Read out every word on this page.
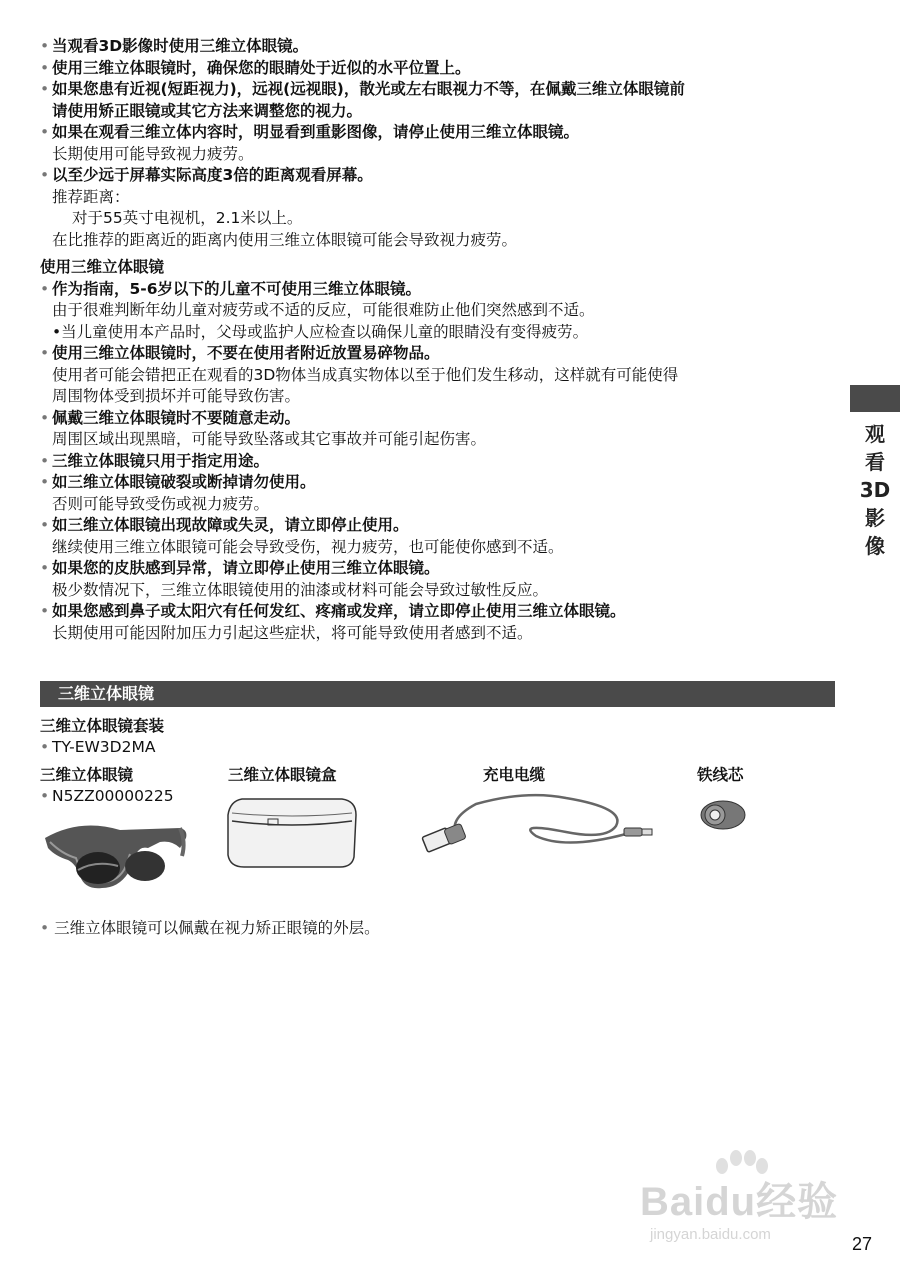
• 当观看3D影像时使用三维立体眼镜。
• 使用三维立体眼镜时，确保您的眼睛处于近似的水平位置上。
• 如果您患有近视(短距视力)，远视(远视眼)，散光或左右眼视力不等，在佩戴三维立体眼镜前
请使用矫正眼镜或其它方法来调整您的视力。
• 如果在观看三维立体内容时，明显看到重影图像，请停止使用三维立体眼镜。
长期使用可能导致视力疲劳。
• 以至少远于屏幕实际高度3倍的距离观看屏幕。
推荐距离：
对于55英寸电视机，2.1米以上。
在比推荐的距离近的距离内使用三维立体眼镜可能会导致视力疲劳。
使用三维立体眼镜
• 作为指南，5-6岁以下的儿童不可使用三维立体眼镜。
由于很难判断年幼儿童对疲劳或不适的反应，可能很难防止他们突然感到不适。
•当儿童使用本产品时，父母或监护人应检查以确保儿童的眼睛没有变得疲劳。
• 使用三维立体眼镜时，不要在使用者附近放置易碎物品。
使用者可能会错把正在观看的3D物体当成真实物体以至于他们发生移动，这样就有可能使得
周围物体受到损坏并可能导致伤害。
• 佩戴三维立体眼镜时不要随意走动。
周围区域出现黑暗，可能导致坠落或其它事故并可能引起伤害。
• 三维立体眼镜只用于指定用途。
• 如三维立体眼镜破裂或断掉请勿使用。
否则可能导致受伤或视力疲劳。
• 如三维立体眼镜出现故障或失灵，请立即停止使用。
继续使用三维立体眼镜可能会导致受伤，视力疲劳，也可能使你感到不适。
• 如果您的皮肤感到异常，请立即停止使用三维立体眼镜。
极少数情况下，三维立体眼镜使用的油漆或材料可能会导致过敏性反应。
• 如果您感到鼻子或太阳穴有任何发红、疼痛或发痒，请立即停止使用三维立体眼镜。
长期使用可能因附加压力引起这些症状，将可能导致使用者感到不适。
观
看
3D
影
像
三维立体眼镜
三维立体眼镜套装
• TY-EW3D2MA
三维立体眼镜
• N5ZZ00000225
三维立体眼镜盒	充电电缆	铁线芯
• 三维立体眼镜可以佩戴在视力矫正眼镜的外层。
Baidu经验
jingyan.baidu.com	27
